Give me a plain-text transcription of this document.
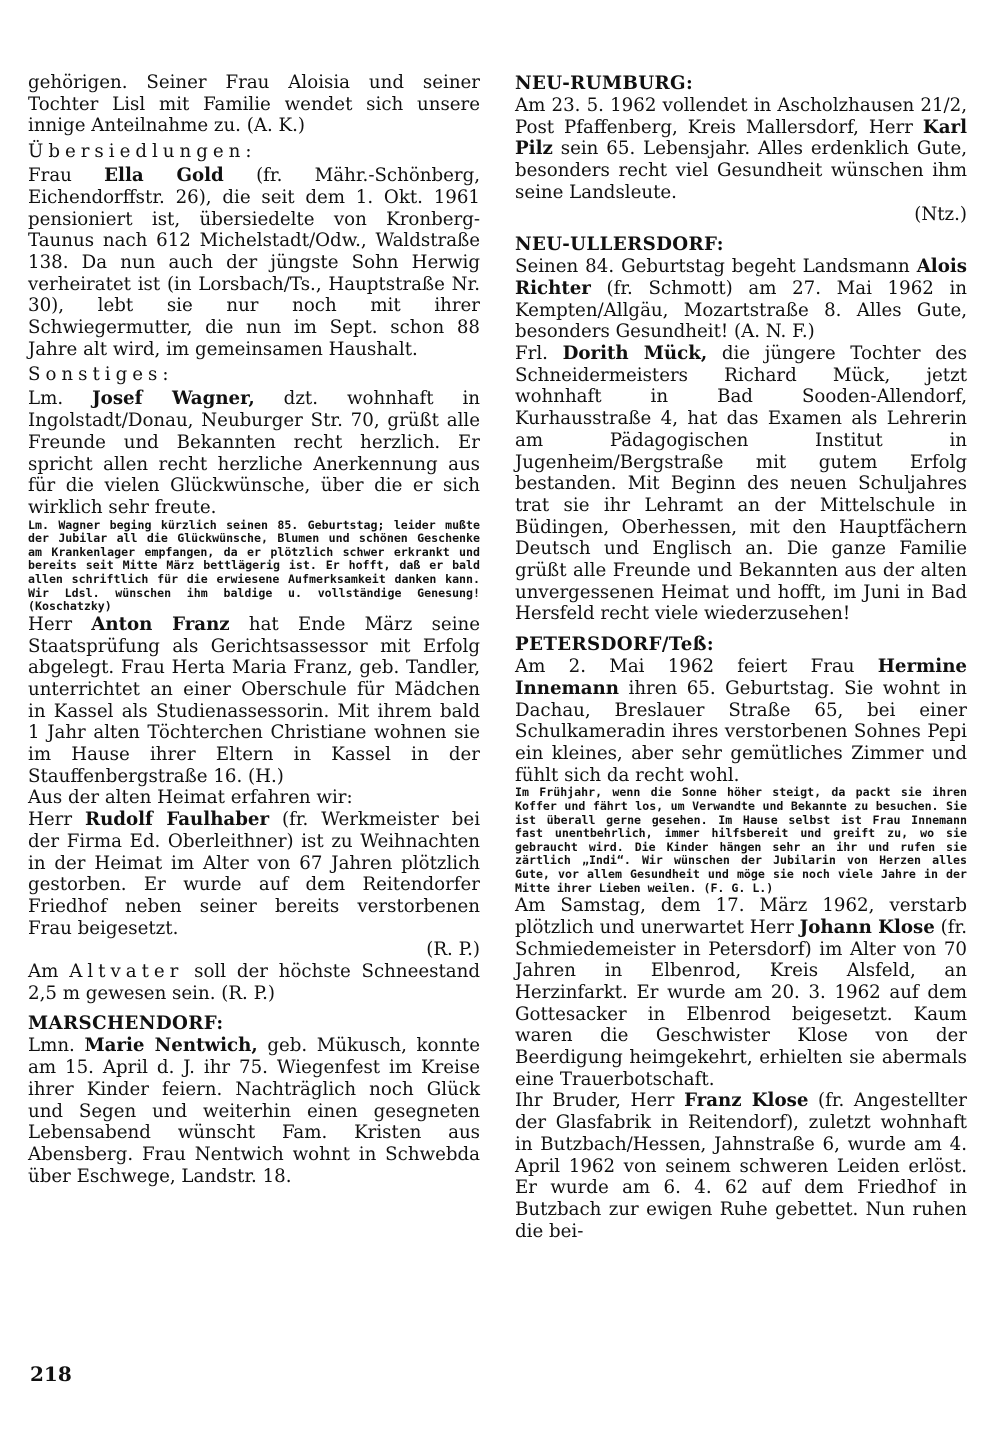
gehörigen. Seiner Frau Aloisia und seiner Tochter Lisl mit Familie wendet sich unsere innige Anteilnahme zu. (A. K.)

Übersiedlungen:

Frau Ella Gold (fr. Mähr.-Schönberg, Eichendorffstr. 26), die seit dem 1. Okt. 1961 pensioniert ist, übersiedelte von Kronberg-Taunus nach 612 Michelstadt/Odw., Waldstraße 138. Da nun auch der jüngste Sohn Herwig verheiratet ist (in Lorsbach/Ts., Hauptstraße Nr. 30), lebt sie nur noch mit ihrer Schwiegermutter, die nun im Sept. schon 88 Jahre alt wird, im gemeinsamen Haushalt.

Sonstiges:

Lm. Josef Wagner, dzt. wohnhaft in Ingolstadt/Donau, Neuburger Str. 70, grüßt alle Freunde und Bekannten recht herzlich. Er spricht allen recht herzliche Anerkennung aus für die vielen Glückwünsche, über die er sich wirklich sehr freute.

Lm. Wagner beging kürzlich seinen 85. Geburtstag; leider mußte der Jubilar all die Glückwünsche, Blumen und schönen Geschenke am Krankenlager empfangen, da er plötzlich schwer erkrankt und bereits seit Mitte März bettlägerig ist. Er hofft, daß er bald allen schriftlich für die erwiesene Aufmerksamkeit danken kann. Wir Ldsl. wünschen ihm baldige u. vollständige Genesung! (Koschatzky)

Herr Anton Franz hat Ende März seine Staatsprüfung als Gerichtsassessor mit Erfolg abgelegt. Frau Herta Maria Franz, geb. Tandler, unterrichtet an einer Oberschule für Mädchen in Kassel als Studienassessorin. Mit ihrem bald 1 Jahr alten Töchterchen Christiane wohnen sie im Hause ihrer Eltern in Kassel in der Stauffenbergstraße 16. (H.)

Aus der alten Heimat erfahren wir:

Herr Rudolf Faulhaber (fr. Werkmeister bei der Firma Ed. Oberleithner) ist zu Weihnachten in der Heimat im Alter von 67 Jahren plötzlich gestorben. Er wurde auf dem Reitendorfer Friedhof neben seiner bereits verstorbenen Frau beigesetzt.

(R. P.)

Am Altvater soll der höchste Schneestand 2,5 m gewesen sein. (R. P.)

MARSCHENDORF:

Lmn. Marie Nentwich, geb. Mükusch, konnte am 15. April d. J. ihr 75. Wiegenfest im Kreise ihrer Kinder feiern. Nachträglich noch Glück und Segen und weiterhin einen gesegneten Lebensabend wünscht Fam. Kristen aus Abensberg. Frau Nentwich wohnt in Schwebda über Eschwege, Landstr. 18.

NEU-RUMBURG:

Am 23. 5. 1962 vollendet in Ascholzhausen 21/2, Post Pfaffenberg, Kreis Mallersdorf, Herr Karl Pilz sein 65. Lebensjahr. Alles erdenklich Gute, besonders recht viel Gesundheit wünschen ihm seine Landsleute.

(Ntz.)

NEU-ULLERSDORF:

Seinen 84. Geburtstag begeht Landsmann Alois Richter (fr. Schmott) am 27. Mai 1962 in Kempten/Allgäu, Mozartstraße 8. Alles Gute, besonders Gesundheit! (A. N. F.)

Frl. Dorith Mück, die jüngere Tochter des Schneidermeisters Richard Mück, jetzt wohnhaft in Bad Sooden-Allendorf, Kurhausstraße 4, hat das Examen als Lehrerin am Pädagogischen Institut in Jugenheim/Bergstraße mit gutem Erfolg bestanden. Mit Beginn des neuen Schuljahres trat sie ihr Lehramt an der Mittelschule in Büdingen, Oberhessen, mit den Hauptfächern Deutsch und Englisch an. Die ganze Familie grüßt alle Freunde und Bekannten aus der alten unvergessenen Heimat und hofft, im Juni in Bad Hersfeld recht viele wiederzusehen!

PETERSDORF/Teß:

Am 2. Mai 1962 feiert Frau Hermine Innemann ihren 65. Geburtstag. Sie wohnt in Dachau, Breslauer Straße 65, bei einer Schulkameradin ihres verstorbenen Sohnes Pepi ein kleines, aber sehr gemütliches Zimmer und fühlt sich da recht wohl.

Im Frühjahr, wenn die Sonne höher steigt, da packt sie ihren Koffer und fährt los, um Verwandte und Bekannte zu besuchen. Sie ist überall gerne gesehen. Im Hause selbst ist Frau Innemann fast unentbehrlich, immer hilfsbereit und greift zu, wo sie gebraucht wird. Die Kinder hängen sehr an ihr und rufen sie zärtlich „Indi“. Wir wünschen der Jubilarin von Herzen alles Gute, vor allem Gesundheit und möge sie noch viele Jahre in der Mitte ihrer Lieben weilen. (F. G. L.)

Am Samstag, dem 17. März 1962, verstarb plötzlich und unerwartet Herr Johann Klose (fr. Schmiedemeister in Petersdorf) im Alter von 70 Jahren in Elbenrod, Kreis Alsfeld, an Herzinfarkt. Er wurde am 20. 3. 1962 auf dem Gottesacker in Elbenrod beigesetzt. Kaum waren die Geschwister Klose von der Beerdigung heimgekehrt, erhielten sie abermals eine Trauerbotschaft.

Ihr Bruder, Herr Franz Klose (fr. Angestellter der Glasfabrik in Reitendorf), zuletzt wohnhaft in Butzbach/Hessen, Jahnstraße 6, wurde am 4. April 1962 von seinem schweren Leiden erlöst. Er wurde am 6. 4. 62 auf dem Friedhof in Butzbach zur ewigen Ruhe gebettet. Nun ruhen die bei-

218
